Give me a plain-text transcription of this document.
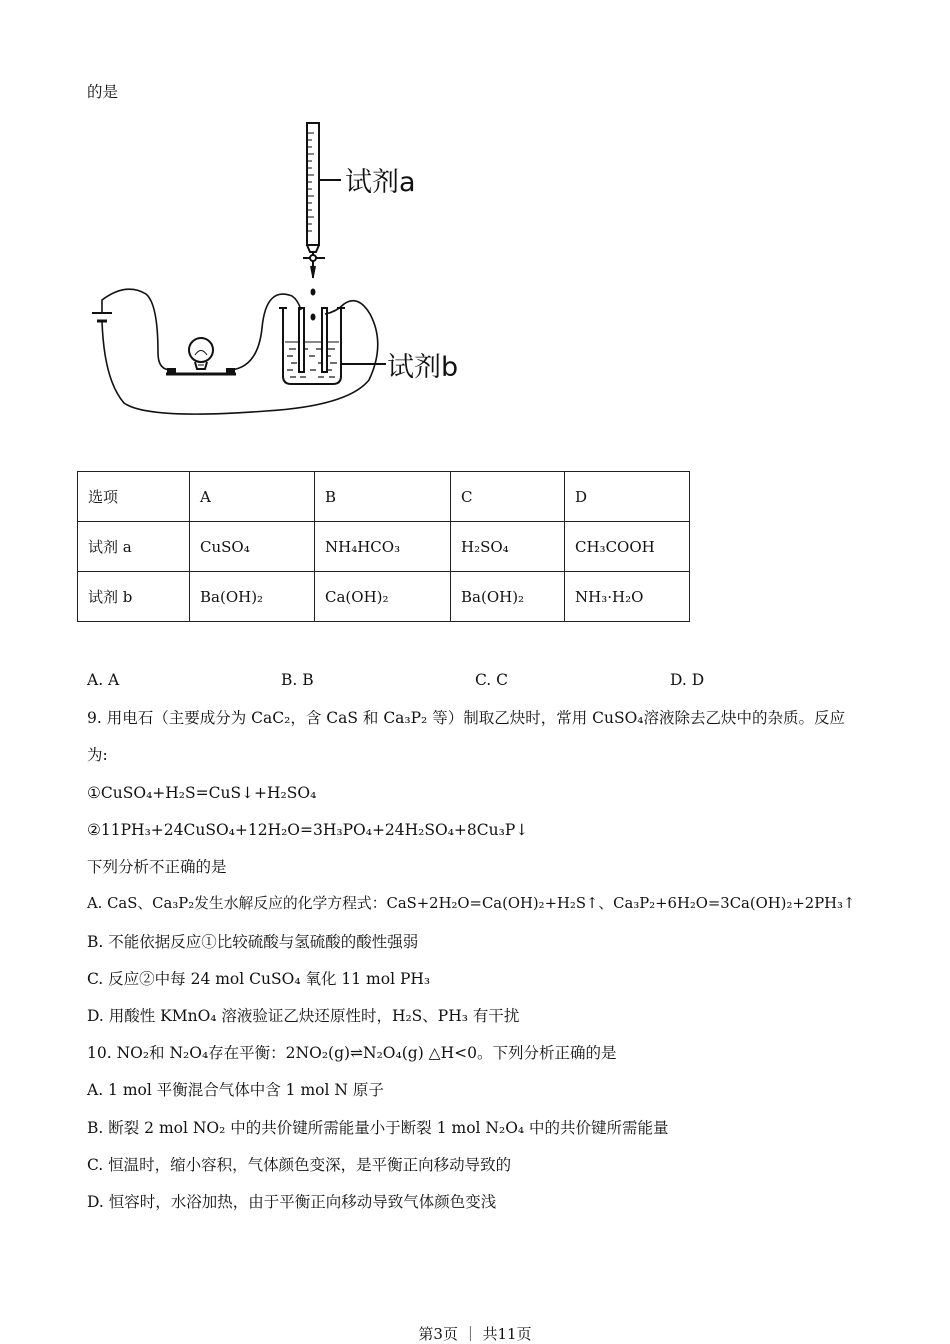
的是
试剂a
试剂b
选项	A	B	C	D
试剂 a	CuSO₄	NH₄HCO₃	H₂SO₄	CH₃COOH
试剂 b	Ba(OH)₂	Ca(OH)₂	Ba(OH)₂	NH₃·H₂O
A. A	B. B	C. C	D. D
9. 用电石（主要成分为 CaC₂，含 CaS 和 Ca₃P₂ 等）制取乙炔时，常用 CuSO₄溶液除去乙炔中的杂质。反应
为:
①CuSO₄+H₂S=CuS↓+H₂SO₄
②11PH₃+24CuSO₄+12H₂O=3H₃PO₄+24H₂SO₄+8Cu₃P↓
下列分析不正确的是
A. CaS、Ca₃P₂发生水解反应的化学方程式：CaS+2H₂O=Ca(OH)₂+H₂S↑、Ca₃P₂+6H₂O=3Ca(OH)₂+2PH₃↑
B. 不能依据反应①比较硫酸与氢硫酸的酸性强弱
C. 反应②中每 24 mol CuSO₄ 氧化 11 mol PH₃
D. 用酸性 KMnO₄ 溶液验证乙炔还原性时，H₂S、PH₃ 有干扰
10. NO₂和 N₂O₄存在平衡：2NO₂(g)⇌N₂O₄(g) △H<0。下列分析正确的是
A. 1 mol 平衡混合气体中含 1 mol N 原子
B. 断裂 2 mol NO₂ 中的共价键所需能量小于断裂 1 mol N₂O₄ 中的共价键所需能量
C. 恒温时，缩小容积，气体颜色变深，是平衡正向移动导致的
D. 恒容时，水浴加热，由于平衡正向移动导致气体颜色变浅
第3页 ｜ 共11页
